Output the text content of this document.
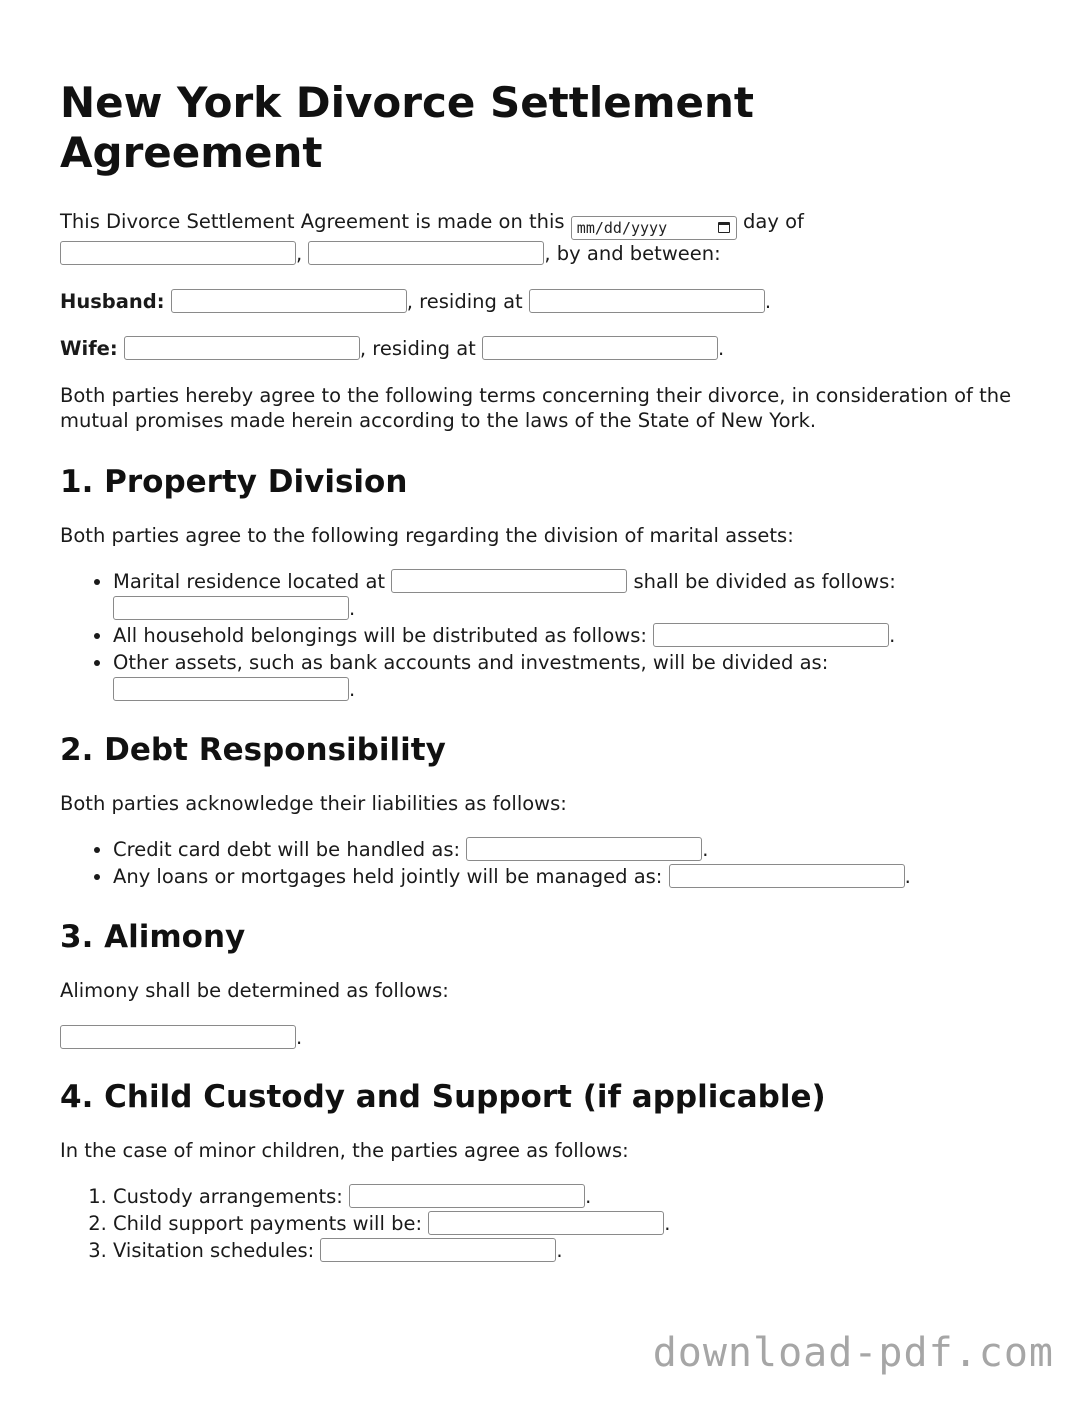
New York Divorce Settlement Agreement

This Divorce Settlement Agreement is made on this mm/dd/yyyy	day of
,	, by and between:

Husband:	, residing at	.

Wife:	, residing at	.

Both parties hereby agree to the following terms concerning their divorce, in consideration of the mutual promises made herein according to the laws of the State of New York.

1. Property Division

Both parties agree to the following regarding the division of marital assets:

• Marital residence located at	shall be divided as follows:
.
• All household belongings will be distributed as follows:	.
• Other assets, such as bank accounts and investments, will be divided as:
.
2. Debt Responsibility

Both parties acknowledge their liabilities as follows:

• Credit card debt will be handled as:	.
• Any loans or mortgages held jointly will be managed as:	.
3. Alimony

Alimony shall be determined as follows:

.

4. Child Custody and Support (if applicable)

In the case of minor children, the parties agree as follows:

1. Custody arrangements:	.
2. Child support payments will be:	.
3. Visitation schedules:	.
download-pdf.com
